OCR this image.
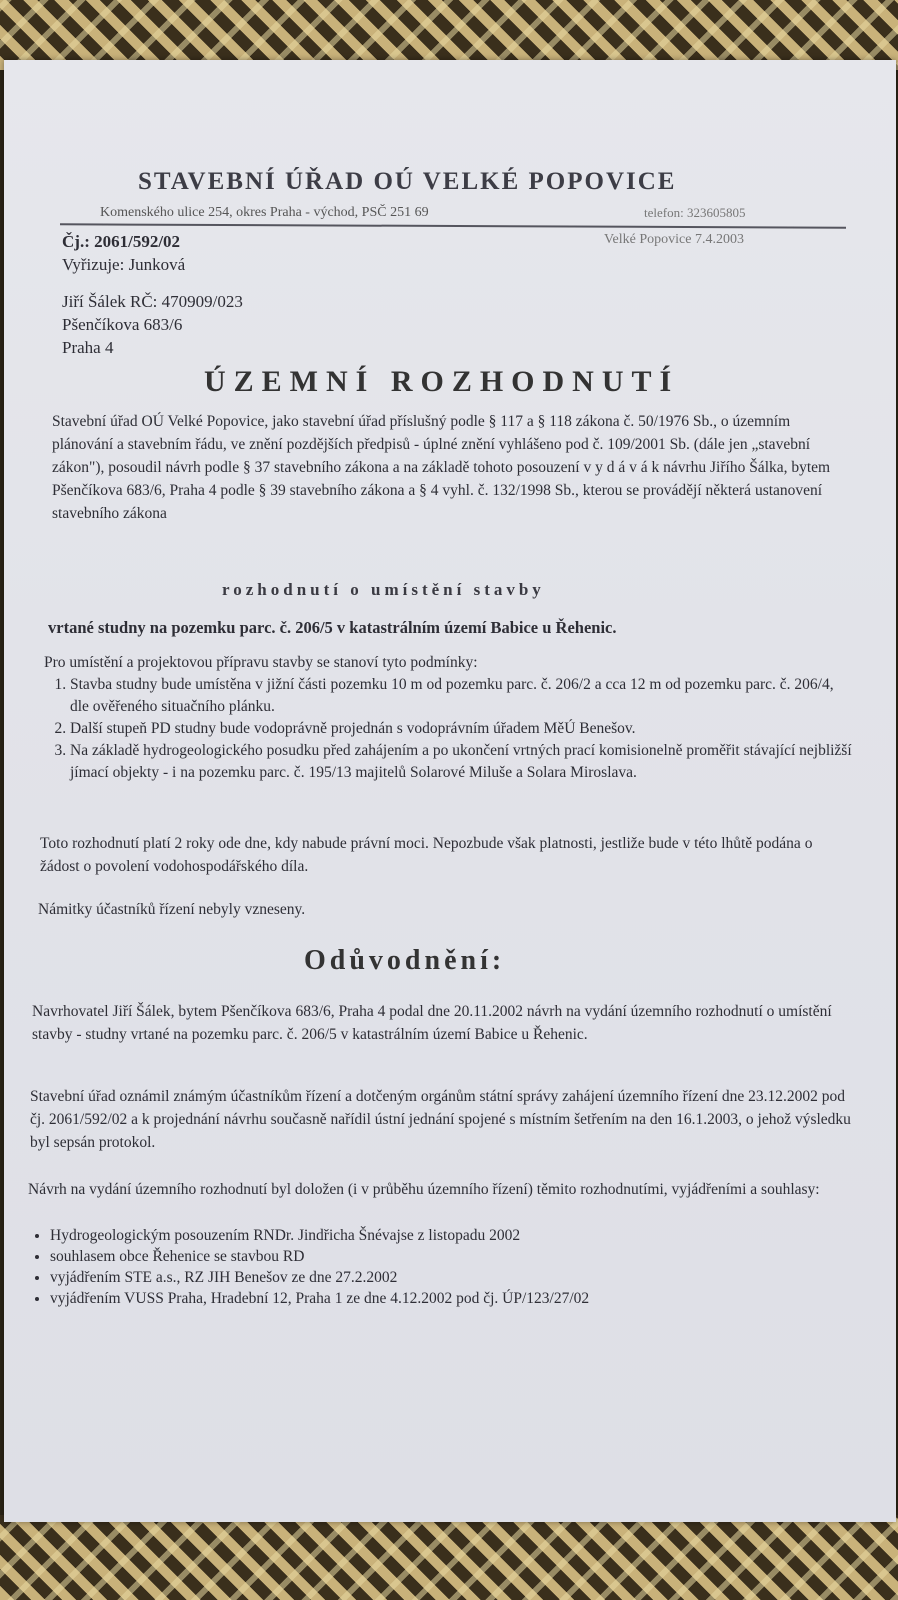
STAVEBNÍ ÚŘAD OÚ VELKÉ POPOVICE
Komenského ulice 254, okres Praha - východ, PSČ 251 69	telefon: 323605805
Čj.: 2061/592/02	Velké Popovice 7.4.2003
Vyřizuje: Junková
Jiří Šálek RČ: 470909/023
Pšenčíkova 683/6
Praha 4
ÚZEMNÍ ROZHODNUTÍ
Stavební úřad OÚ Velké Popovice, jako stavební úřad příslušný podle § 117 a § 118 zákona č. 50/1976 Sb., o územním plánování a stavebním řádu, ve znění pozdějších předpisů - úplné znění vyhlášeno pod č. 109/2001 Sb. (dále jen „stavební zákon"), posoudil návrh podle § 37 stavebního zákona a na základě tohoto posouzení v y d á v á k návrhu Jiřího Šálka, bytem Pšenčíkova 683/6, Praha 4 podle § 39 stavebního zákona a § 4 vyhl. č. 132/1998 Sb., kterou se provádějí některá ustanovení stavebního zákona
rozhodnutí o umístění stavby
vrtané studny na pozemku parc. č. 206/5 v katastrálním území Babice u Řehenic.
Pro umístění a projektovou přípravu stavby se stanoví tyto podmínky:
1. Stavba studny bude umístěna v jižní části pozemku 10 m od pozemku parc. č. 206/2 a cca 12 m od pozemku parc. č. 206/4, dle ověřeného situačního plánku.
2. Další stupeň PD studny bude vodoprávně projednán s vodoprávním úřadem MěÚ Benešov.
3. Na základě hydrogeologického posudku před zahájením a po ukončení vrtných prací komisionelně proměřit stávající nejbližší jímací objekty - i na pozemku parc. č. 195/13 majitelů Solarové Miluše a Solara Miroslava.
Toto rozhodnutí platí 2 roky ode dne, kdy nabude právní moci. Nepozbude však platnosti, jestliže bude v této lhůtě podána o žádost o povolení vodohospodářského díla.
Námitky účastníků řízení nebyly vzneseny.
Odůvodnění:
Navrhovatel Jiří Šálek, bytem Pšenčíkova 683/6, Praha 4 podal dne 20.11.2002 návrh na vydání územního rozhodnutí o umístění stavby - studny vrtané na pozemku parc. č. 206/5 v katastrálním území Babice u Řehenic.
Stavební úřad oznámil známým účastníkům řízení a dotčeným orgánům státní správy zahájení územního řízení dne 23.12.2002 pod čj. 2061/592/02 a k projednání návrhu současně nařídil ústní jednání spojené s místním šetřením na den 16.1.2003, o jehož výsledku byl sepsán protokol.
Návrh na vydání územního rozhodnutí byl doložen (i v průběhu územního řízení) těmito rozhodnutími, vyjádřeními a souhlasy:
• Hydrogeologickým posouzením RNDr. Jindřicha Šnévajse z listopadu 2002
• souhlasem obce Řehenice se stavbou RD
• vyjádřením STE a.s., RZ JIH Benešov ze dne 27.2.2002
• vyjádřením VUSS Praha, Hradební 12, Praha 1 ze dne 4.12.2002 pod čj. ÚP/123/27/02
